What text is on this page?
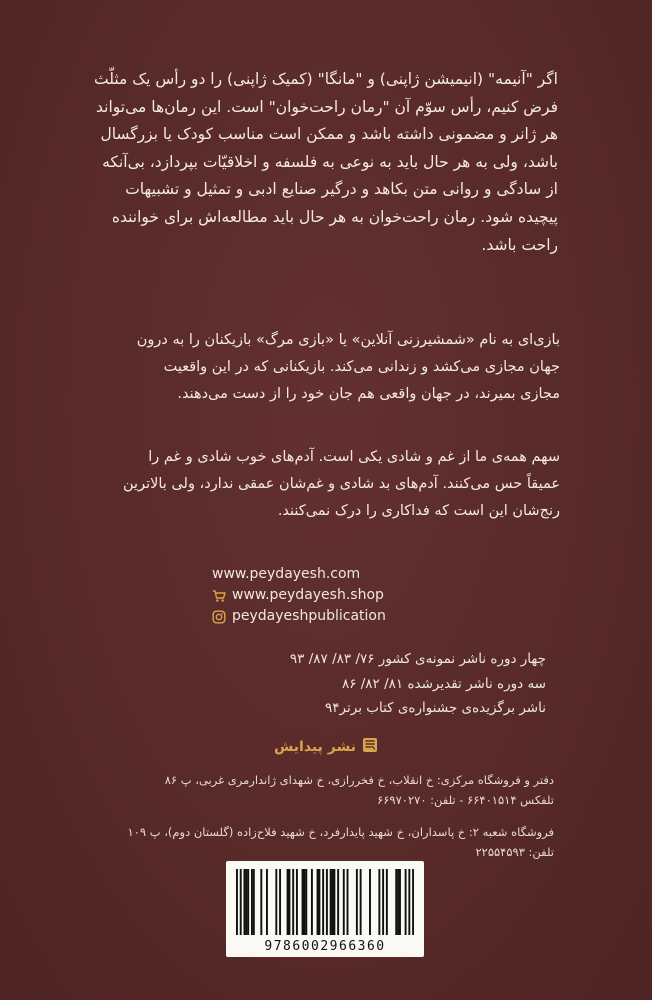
اگر "آنیمه" (انیمیشن ژاپنی) و "مانگا" (کمیک ژاپنی) را دو رأس یک مثلّث فرض کنیم، رأس سوّم آن "رمان راحت‌خوان" است. این رمان‌ها می‌تواند هر ژانر و مضمونی داشته باشد و ممکن است مناسب کودک یا بزرگسال باشد، ولی به هر حال باید به نوعی به فلسفه و اخلاقیّات بپردازد، بی‌آنکه از سادگی و روانی متن بکاهد و درگیر صنایع ادبی و تمثیل و تشبیهات پیچیده شود. رمان راحت‌خوان به هر حال باید مطالعه‌اش برای خواننده راحت باشد.

بازی‌ای به نام «شمشیرزنی آنلاین» یا «بازی مرگ» بازیکنان را به درون جهان مجازی می‌کشد و زندانی می‌کند. بازیکنانی که در این واقعیت مجازی بمیرند، در جهان واقعی هم جان خود را از دست می‌دهند.

سهم همه‌ی ما از غم و شادی یکی است. آدم‌های خوب شادی و غم را عمیقاً حس می‌کنند. آدم‌های بد شادی و غم‌شان عمقی ندارد، ولی بالاترین رنج‌شان این است که فداکاری را درک نمی‌کنند.

www.peydayesh.com
www.peydayesh.shop
peydayeshpublication
چهار دوره ناشر نمونه‌ی کشور ۷۶/ ۸۳/ ۸۷/ ۹۳
سه دوره ناشر تقدیرشده ۸۱/ ۸۲/ ۸۶
ناشر برگزیده‌ی جشنواره‌ی کتاب برتر۹۴
نشر پیدایش
دفتر و فروشگاه مرکزی: خ انقلاب، خ فخررازی، خ شهدای ژاندارمری غربی، پ ۸۶
تلفکس ۶۶۴۰۱۵۱۴ - تلفن: ۶۶۹۷۰۲۷۰
فروشگاه شعبه ۲: خ پاسداران، خ شهید پایدارفرد، خ شهید فلاح‌زاده (گلستان دوم)، پ ۱۰۹
تلفن: ۲۲۵۵۴۵۹۳
9786002966360
